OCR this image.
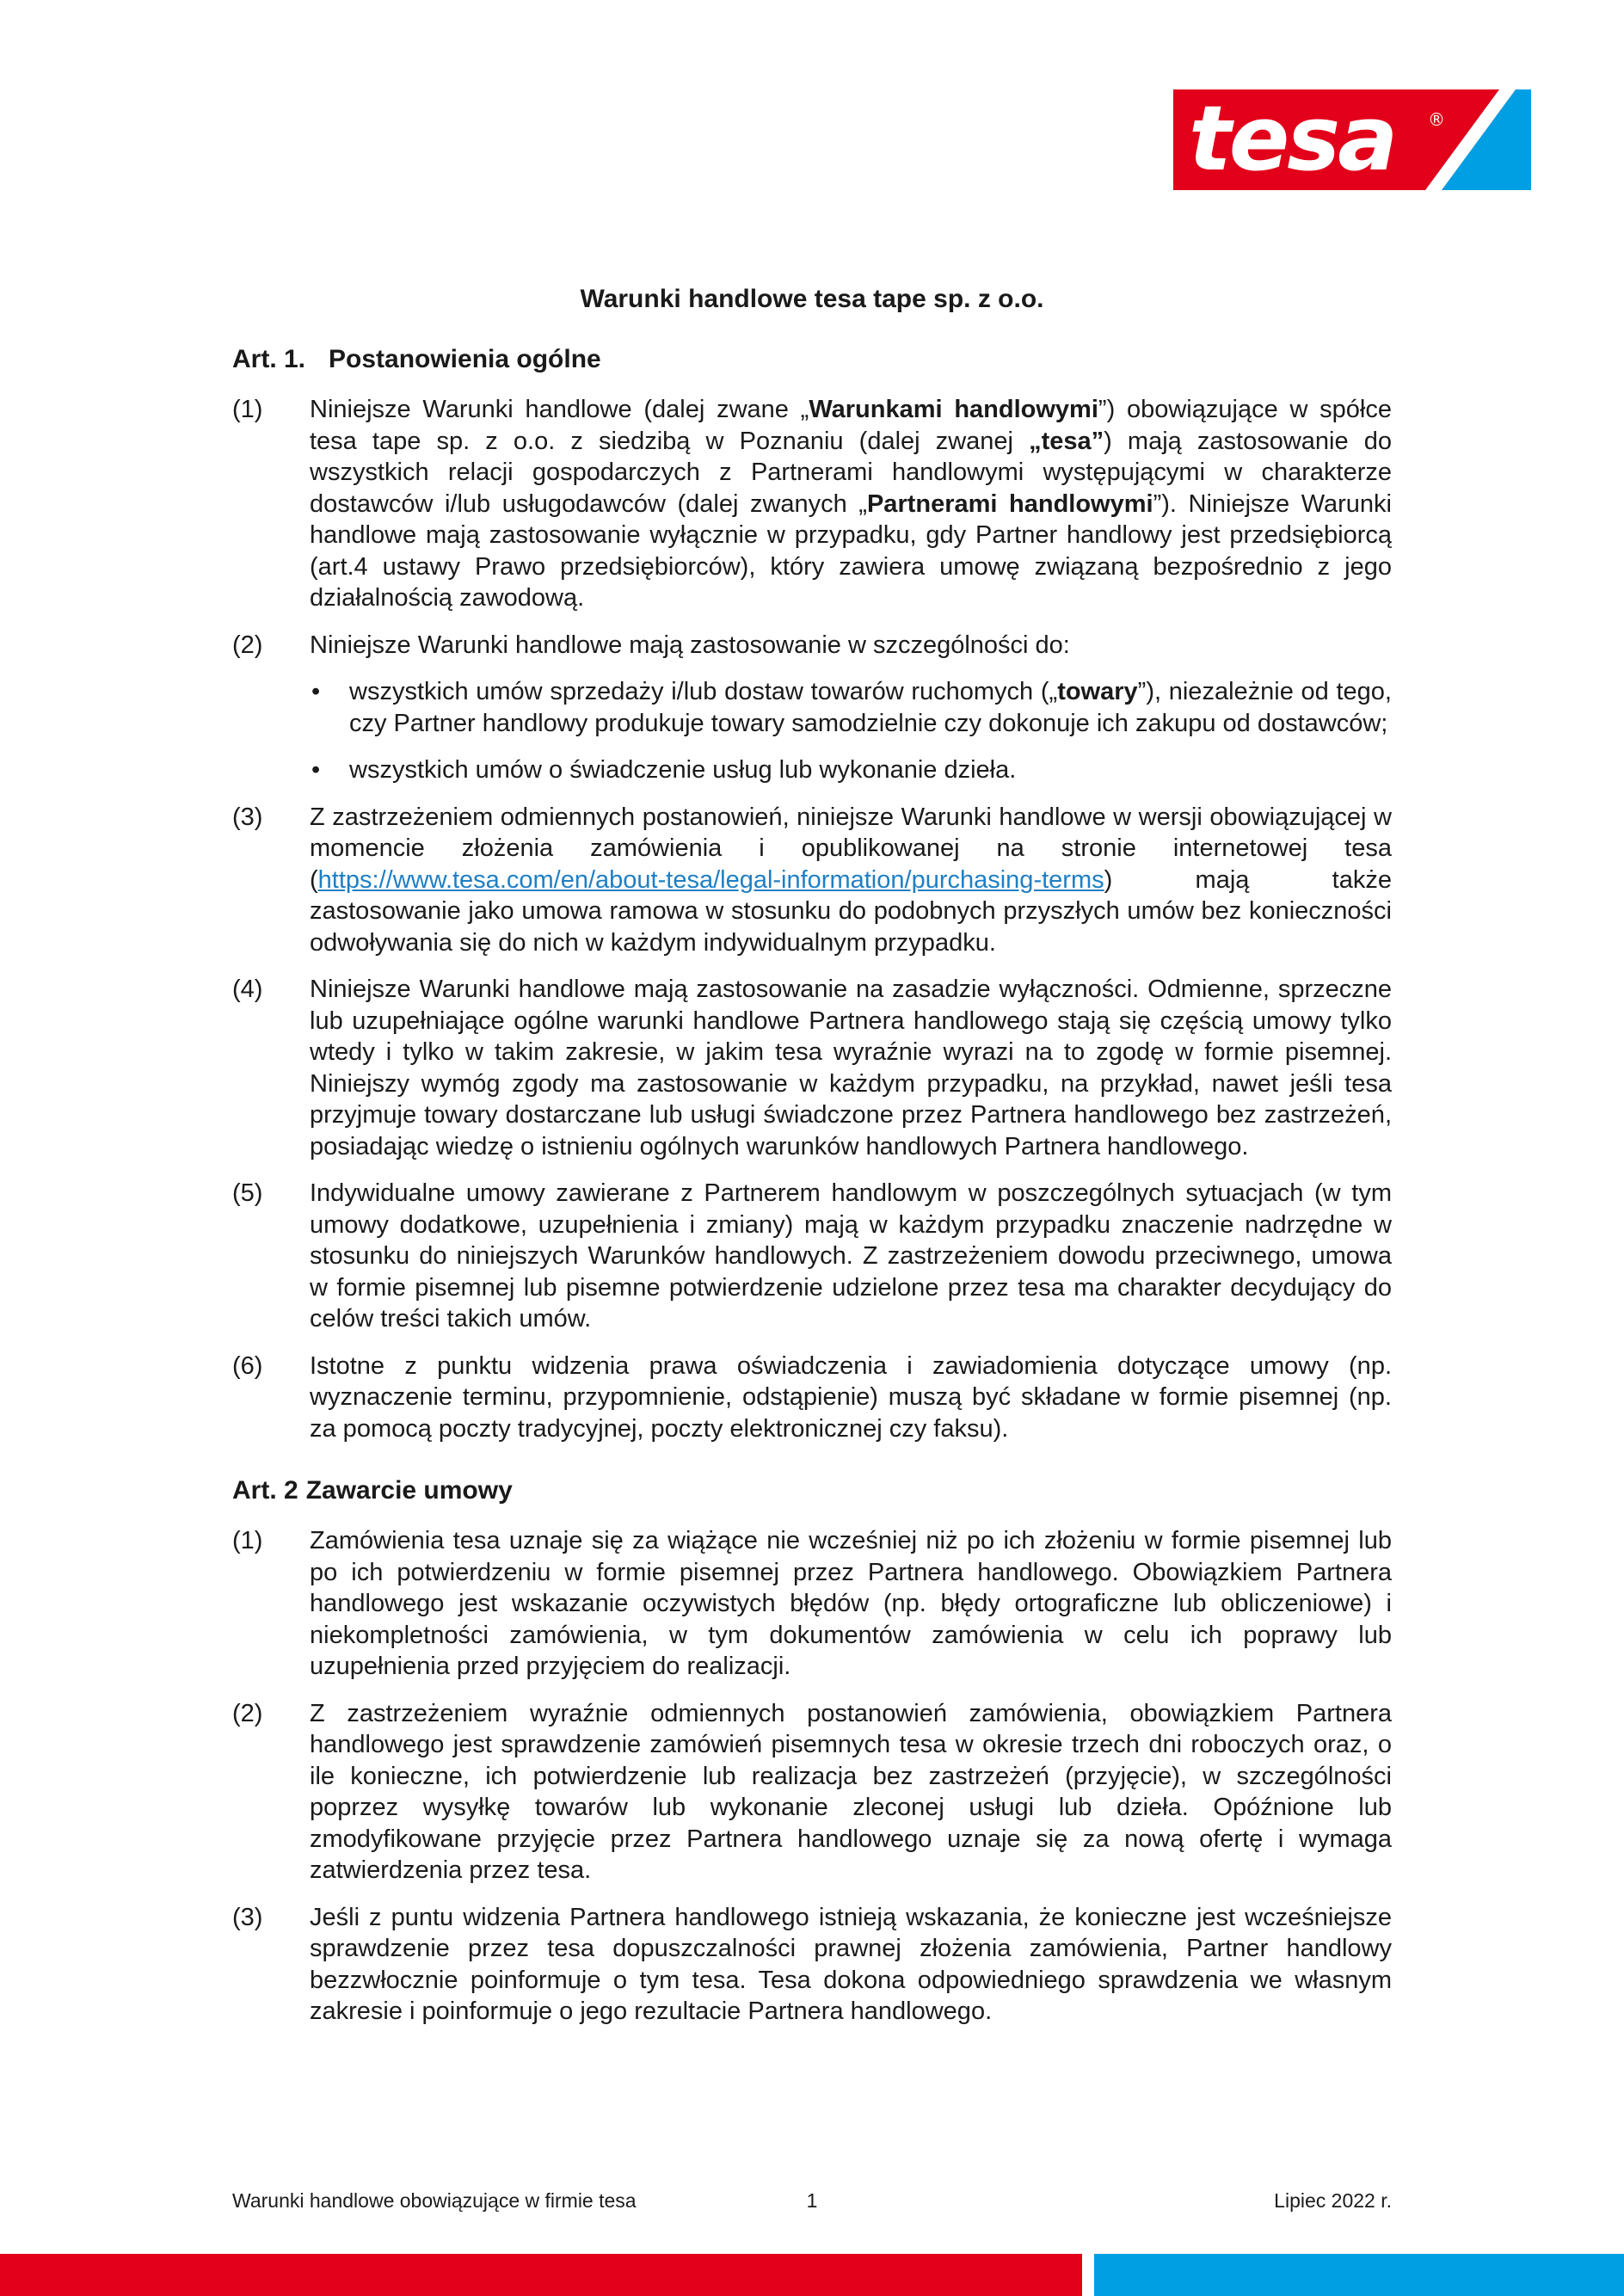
tesa ®
Warunki handlowe tesa tape sp. z o.o.
Art. 1. Postanowienia ogólne
(1)	Niniejsze Warunki handlowe (dalej zwane „Warunkami handlowymi”) obowiązujące w spółce tesa tape sp. z o.o. z siedzibą w Poznaniu (dalej zwanej „tesa”) mają zastosowanie do wszystkich relacji gospodarczych z Partnerami handlowymi występującymi w charakterze dostawców i/lub usługodawców (dalej zwanych „Partnerami handlowymi”). Niniejsze Warunki handlowe mają zastosowanie wyłącznie w przypadku, gdy Partner handlowy jest przedsiębiorcą (art.4 ustawy Prawo przedsiębiorców), który zawiera umowę związaną bezpośrednio z jego działalnością zawodową.
(2)	Niniejsze Warunki handlowe mają zastosowanie w szczególności do:
•	wszystkich umów sprzedaży i/lub dostaw towarów ruchomych („towary”), niezależnie od tego, czy Partner handlowy produkuje towary samodzielnie czy dokonuje ich zakupu od dostawców;
•	wszystkich umów o świadczenie usług lub wykonanie dzieła.
(3)	Z zastrzeżeniem odmiennych postanowień, niniejsze Warunki handlowe w wersji obowiązującej w momencie złożenia zamówienia i opublikowanej na stronie internetowej tesa (https://www.tesa.com/en/about-tesa/legal-information/purchasing-terms) mają także zastosowanie jako umowa ramowa w stosunku do podobnych przyszłych umów bez konieczności odwoływania się do nich w każdym indywidualnym przypadku.
(4)	Niniejsze Warunki handlowe mają zastosowanie na zasadzie wyłączności. Odmienne, sprzeczne lub uzupełniające ogólne warunki handlowe Partnera handlowego stają się częścią umowy tylko wtedy i tylko w takim zakresie, w jakim tesa wyraźnie wyrazi na to zgodę w formie pisemnej. Niniejszy wymóg zgody ma zastosowanie w każdym przypadku, na przykład, nawet jeśli tesa przyjmuje towary dostarczane lub usługi świadczone przez Partnera handlowego bez zastrzeżeń, posiadając wiedzę o istnieniu ogólnych warunków handlowych Partnera handlowego.
(5)	Indywidualne umowy zawierane z Partnerem handlowym w poszczególnych sytuacjach (w tym umowy dodatkowe, uzupełnienia i zmiany) mają w każdym przypadku znaczenie nadrzędne w stosunku do niniejszych Warunków handlowych. Z zastrzeżeniem dowodu przeciwnego, umowa w formie pisemnej lub pisemne potwierdzenie udzielone przez tesa ma charakter decydujący do celów treści takich umów.
(6)	Istotne z punktu widzenia prawa oświadczenia i zawiadomienia dotyczące umowy (np. wyznaczenie terminu, przypomnienie, odstąpienie) muszą być składane w formie pisemnej (np. za pomocą poczty tradycyjnej, poczty elektronicznej czy faksu).
Art. 2 Zawarcie umowy
(1)	Zamówienia tesa uznaje się za wiążące nie wcześniej niż po ich złożeniu w formie pisemnej lub po ich potwierdzeniu w formie pisemnej przez Partnera handlowego. Obowiązkiem Partnera handlowego jest wskazanie oczywistych błędów (np. błędy ortograficzne lub obliczeniowe) i niekompletności zamówienia, w tym dokumentów zamówienia w celu ich poprawy lub uzupełnienia przed przyjęciem do realizacji.
(2)	Z zastrzeżeniem wyraźnie odmiennych postanowień zamówienia, obowiązkiem Partnera handlowego jest sprawdzenie zamówień pisemnych tesa w okresie trzech dni roboczych oraz, o ile konieczne, ich potwierdzenie lub realizacja bez zastrzeżeń (przyjęcie), w szczególności poprzez wysyłkę towarów lub wykonanie zleconej usługi lub dzieła. Opóźnione lub zmodyfikowane przyjęcie przez Partnera handlowego uznaje się za nową ofertę i wymaga zatwierdzenia przez tesa.
(3)	Jeśli z puntu widzenia Partnera handlowego istnieją wskazania, że konieczne jest wcześniejsze sprawdzenie przez tesa dopuszczalności prawnej złożenia zamówienia, Partner handlowy bezzwłocznie poinformuje o tym tesa. Tesa dokona odpowiedniego sprawdzenia we własnym zakresie i poinformuje o jego rezultacie Partnera handlowego.
Warunki handlowe obowiązujące w firmie tesa	1	Lipiec 2022 r.
